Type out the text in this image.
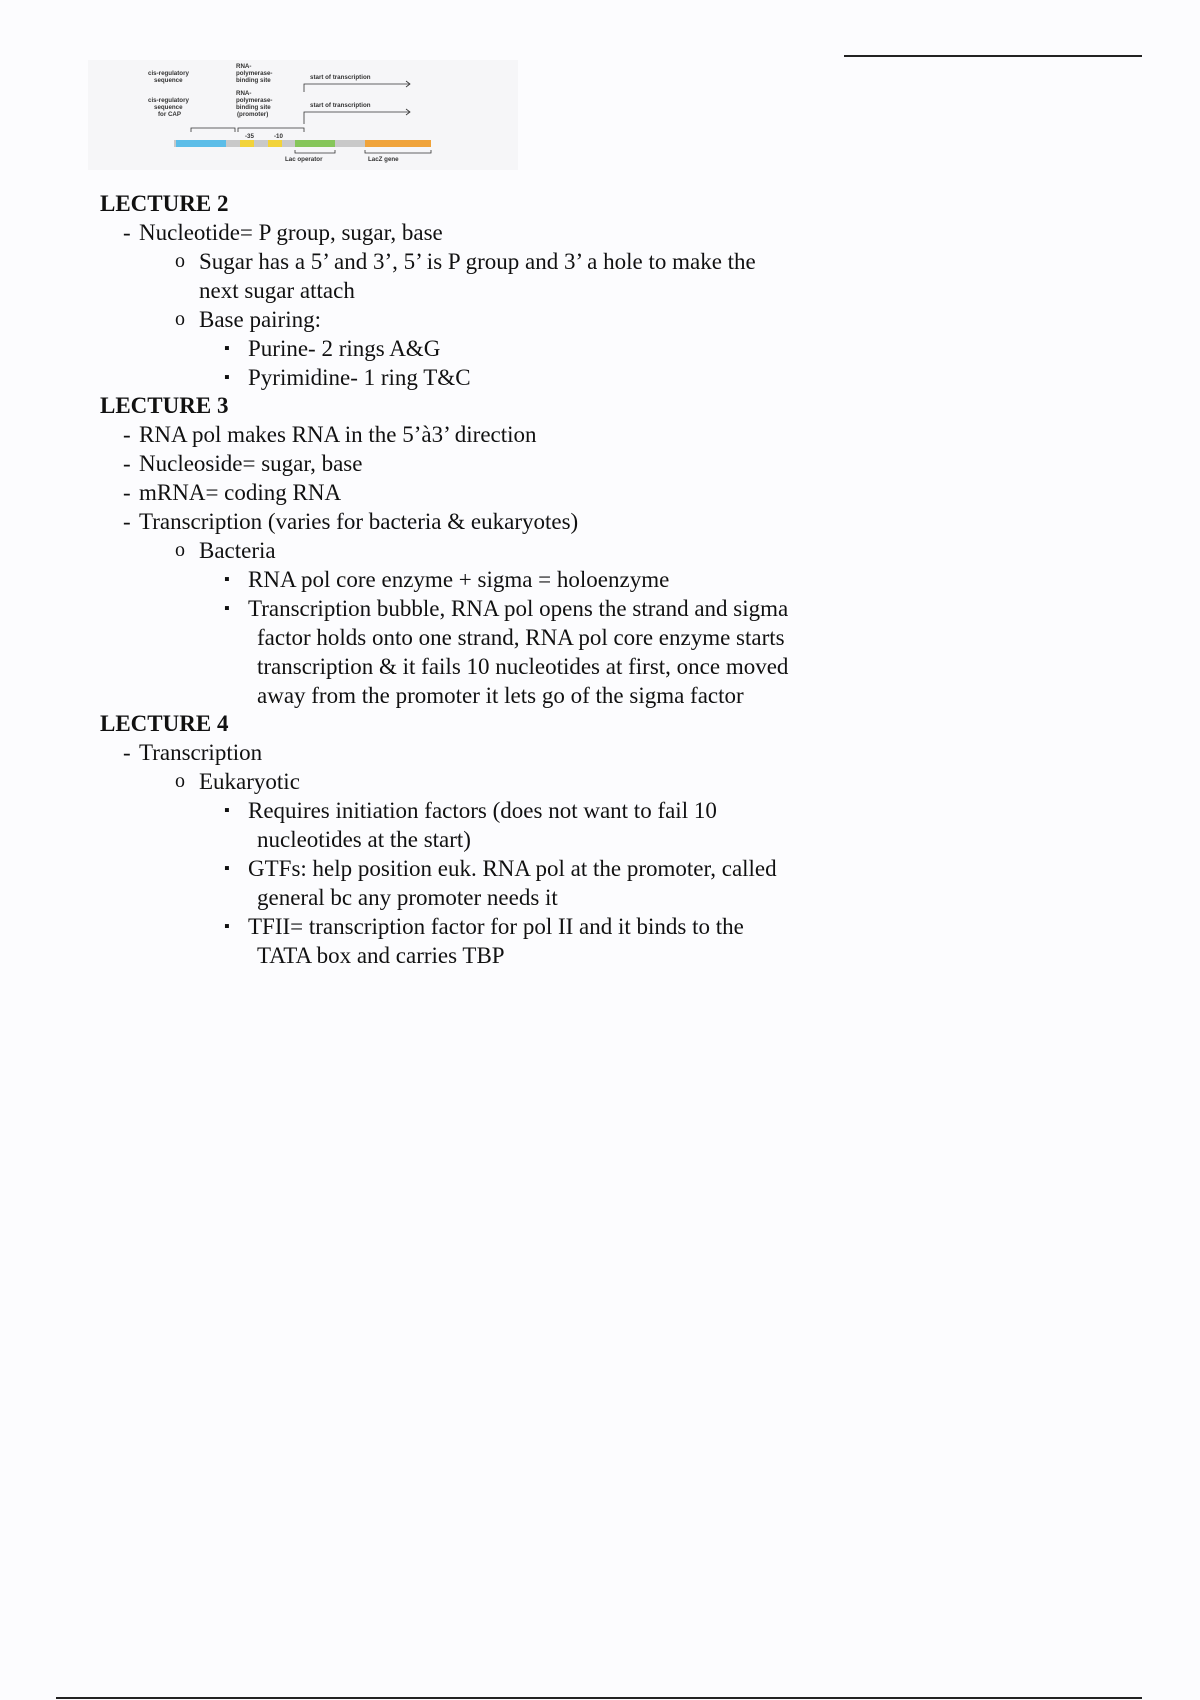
cis-regulatory sequence
RNA-polymerase-binding site	start of transcription
cis-regulatory sequence for CAP
RNA-polymerase-binding site (promoter)
start of transcription
-35	-10
Lac operator	LacZ gene
LECTURE 2
- Nucleotide= P group, sugar, base
o Sugar has a 5’ and 3’, 5’ is P group and 3’ a hole to make the next sugar attach
o Base pairing:
▪ Purine- 2 rings A&G
▪ Pyrimidine- 1 ring T&C
LECTURE 3
- RNA pol makes RNA in the 5’à3’ direction
- Nucleoside= sugar, base
- mRNA= coding RNA
- Transcription (varies for bacteria & eukaryotes)
o Bacteria
▪ RNA pol core enzyme + sigma = holoenzyme
▪ Transcription bubble, RNA pol opens the strand and sigma factor holds onto one strand, RNA pol core enzyme starts transcription & it fails 10 nucleotides at first, once moved away from the promoter it lets go of the sigma factor
LECTURE 4
- Transcription
o Eukaryotic
▪ Requires initiation factors (does not want to fail 10 nucleotides at the start)
▪ GTFs: help position euk. RNA pol at the promoter, called general bc any promoter needs it
▪ TFII= transcription factor for pol II and it binds to the TATA box and carries TBP
